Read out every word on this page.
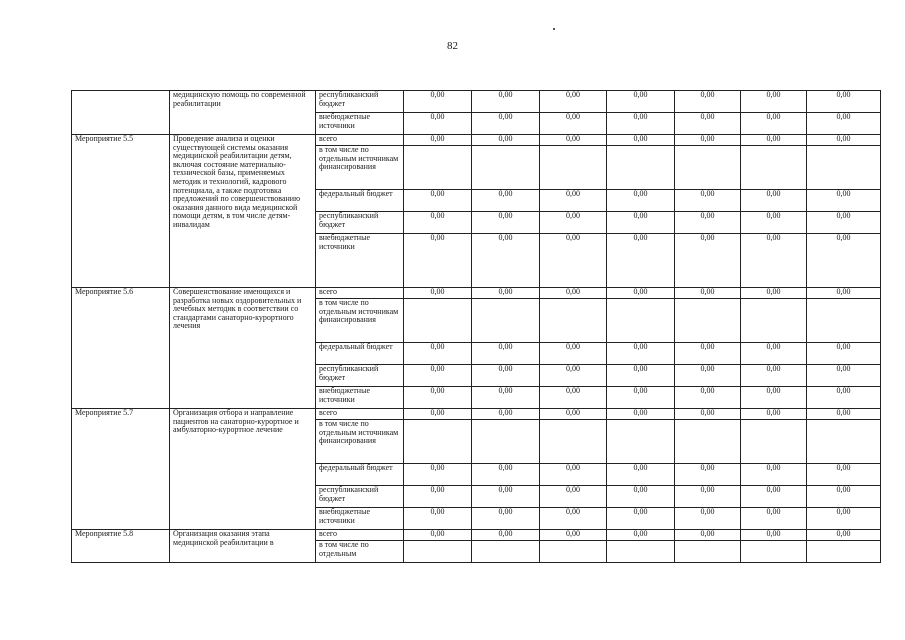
82
	медицинскую помощь по современной реабилитации	республиканский бюджет	0,00	0,00	0,00	0,00	0,00	0,00	0,00
		внебюджетные источники	0,00	0,00	0,00	0,00	0,00	0,00	0,00
Мероприятие 5.5	Проведение анализа и оценки существующей системы оказания медицинской реабилитации детям, включая состояние материально-технической базы, применяемых методик и технологий, кадрового потенциала, а также подготовка предложений по совершенствованию оказания данного вида медицинской помощи детям, в том числе детям-инвалидам	всего	0,00	0,00	0,00	0,00	0,00	0,00	0,00
		в том числе по отдельным источникам финансирования							
		федеральный бюджет	0,00	0,00	0,00	0,00	0,00	0,00	0,00
		республиканский бюджет	0,00	0,00	0,00	0,00	0,00	0,00	0,00
		внебюджетные источники	0,00	0,00	0,00	0,00	0,00	0,00	0,00
Мероприятие 5.6	Совершенствование имеющихся и разработка новых оздоровительных и лечебных методик в соответствии со стандартами санаторно-курортного лечения	всего	0,00	0,00	0,00	0,00	0,00	0,00	0,00
		в том числе по отдельным источникам финансирования							
		федеральный бюджет	0,00	0,00	0,00	0,00	0,00	0,00	0,00
		республиканский бюджет	0,00	0,00	0,00	0,00	0,00	0,00	0,00
		внебюджетные источники	0,00	0,00	0,00	0,00	0,00	0,00	0,00
Мероприятие 5.7	Организация отбора и направление пациентов на санаторно-курортное и амбулаторно-курортное лечение	всего	0,00	0,00	0,00	0,00	0,00	0,00	0,00
		в том числе по отдельным источникам финансирования							
		федеральный бюджет	0,00	0,00	0,00	0,00	0,00	0,00	0,00
		республиканский бюджет	0,00	0,00	0,00	0,00	0,00	0,00	0,00
		внебюджетные источники	0,00	0,00	0,00	0,00	0,00	0,00	0,00
Мероприятие 5.8	Организация оказания этапа медицинской реабилитации в	всего	0,00	0,00	0,00	0,00	0,00	0,00	0,00
		в том числе по отдельным							
